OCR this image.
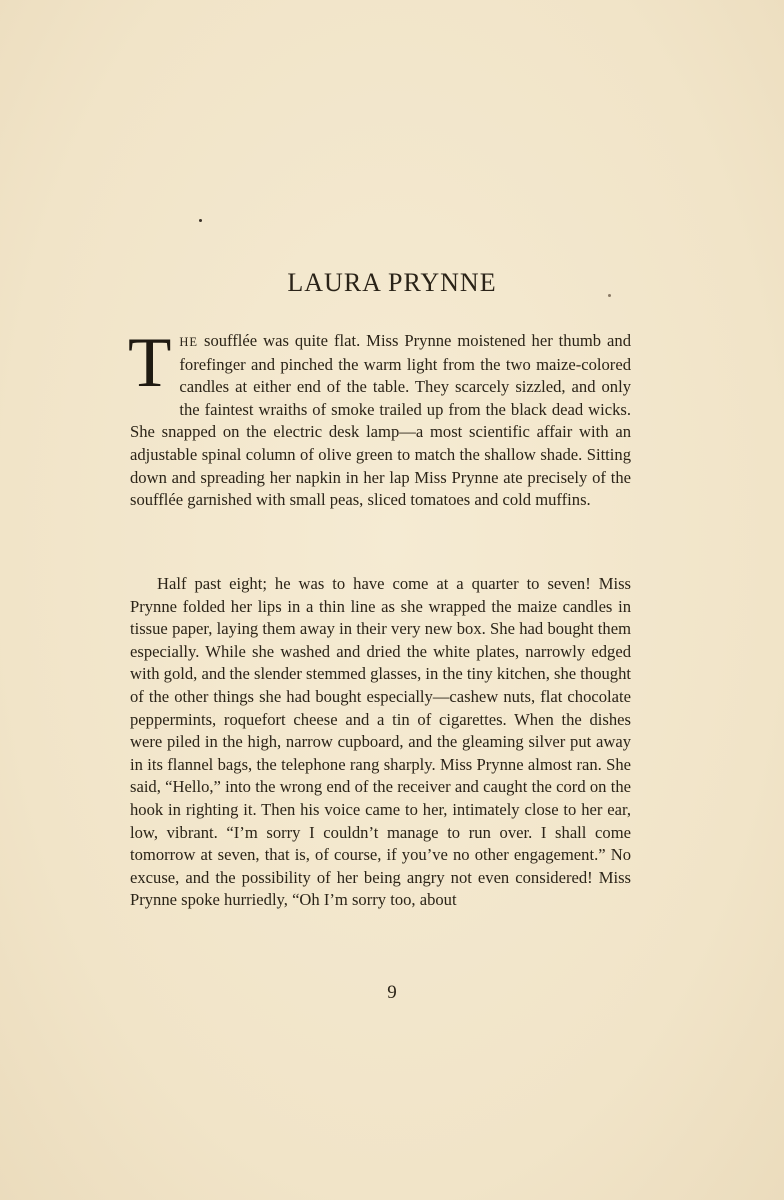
LAURA PRYNNE
THE soufflée was quite flat. Miss Prynne moistened her thumb and forefinger and pinched the warm light from the two maize-colored candles at either end of the table. They scarcely sizzled, and only the faintest wraiths of smoke trailed up from the black dead wicks. She snapped on the electric desk lamp—a most scientific affair with an adjustable spinal column of olive green to match the shallow shade. Sitting down and spreading her napkin in her lap Miss Prynne ate precisely of the soufflée garnished with small peas, sliced tomatoes and cold muffins.
Half past eight; he was to have come at a quarter to seven! Miss Prynne folded her lips in a thin line as she wrapped the maize candles in tissue paper, laying them away in their very new box. She had bought them especially. While she washed and dried the white plates, narrowly edged with gold, and the slender stemmed glasses, in the tiny kitchen, she thought of the other things she had bought especially—cashew nuts, flat chocolate peppermints, roquefort cheese and a tin of cigarettes. When the dishes were piled in the high, narrow cupboard, and the gleaming silver put away in its flannel bags, the telephone rang sharply. Miss Prynne almost ran. She said, “Hello,” into the wrong end of the receiver and caught the cord on the hook in righting it. Then his voice came to her, intimately close to her ear, low, vibrant. “I’m sorry I couldn’t manage to run over. I shall come tomorrow at seven, that is, of course, if you’ve no other engagement.” No excuse, and the possibility of her being angry not even considered! Miss Prynne spoke hurriedly, “Oh I’m sorry too, about
9
